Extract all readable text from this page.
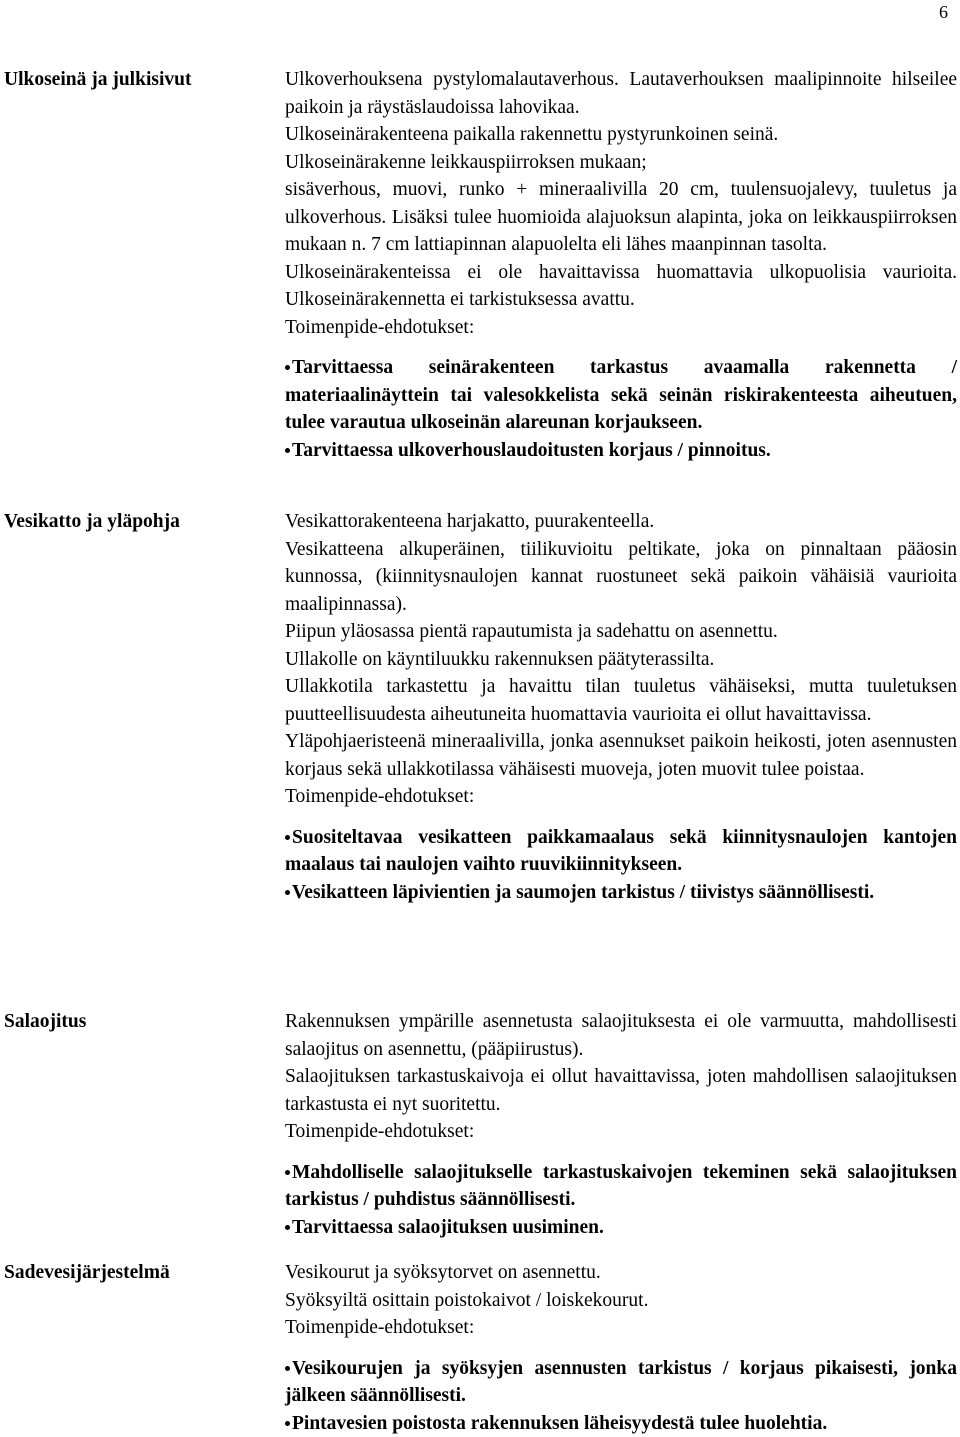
6
Ulkoseinä ja julkisivut	Ulkoverhouksena pystylomalautaverhous. Lautaverhouksen maalipinnoite hilseilee paikoin ja räystäslaudoissa lahovikaa.

Ulkoseinärakenteena paikalla rakennettu pystyrunkoinen seinä.

Ulkoseinärakenne leikkauspiirroksen mukaan;

sisäverhous, muovi, runko + mineraalivilla 20 cm, tuulensuojalevy, tuuletus ja ulkoverhous. Lisäksi tulee huomioida alajuoksun alapinta, joka on leikkauspiirroksen mukaan n. 7 cm lattiapinnan alapuolelta eli lähes maanpinnan tasolta.

Ulkoseinärakenteissa ei ole havaittavissa huomattavia ulkopuolisia vaurioita. Ulkoseinärakennetta ei tarkistuksessa avattu.

Toimenpide-ehdotukset:

Tarvittaessa seinärakenteen tarkastus avaamalla rakennetta / materiaalinäyttein tai valesokkelista sekä seinän riskirakenteesta aiheutuen, tulee varautua ulkoseinän alareunan korjaukseen.

Tarvittaessa ulkoverhouslaudoitusten korjaus / pinnoitus.

Vesikatto ja yläpohja	Vesikattorakenteena harjakatto, puurakenteella.

Vesikatteena alkuperäinen, tiilikuvioitu peltikate, joka on pinnaltaan pääosin kunnossa, (kiinnitysnaulojen kannat ruostuneet sekä paikoin vähäisiä vaurioita maalipinnassa).

Piipun yläosassa pientä rapautumista ja sadehattu on asennettu.

Ullakolle on käyntiluukku rakennuksen päätyterassilta.

Ullakkotila tarkastettu ja havaittu tilan tuuletus vähäiseksi, mutta tuuletuksen puutteellisuudesta aiheutuneita huomattavia vaurioita ei ollut havaittavissa.

Yläpohjaeristeenä mineraalivilla, jonka asennukset paikoin heikosti, joten asennusten korjaus sekä ullakkotilassa vähäisesti muoveja, joten muovit tulee poistaa.

Toimenpide-ehdotukset:

Suositeltavaa vesikatteen paikkamaalaus sekä kiinnitysnaulojen kantojen maalaus tai naulojen vaihto ruuvikiinnitykseen.

Vesikatteen läpivientien ja saumojen tarkistus / tiivistys säännöllisesti.

Salaojitus	Rakennuksen ympärille asennetusta salaojituksesta ei ole varmuutta, mahdollisesti salaojitus on asennettu, (pääpiirustus).

Salaojituksen tarkastuskaivoja ei ollut havaittavissa, joten mahdollisen salaojituksen tarkastusta ei nyt suoritettu.

Toimenpide-ehdotukset:

Mahdolliselle salaojitukselle tarkastuskaivojen tekeminen sekä salaojituksen tarkistus / puhdistus säännöllisesti.

Tarvittaessa salaojituksen uusiminen.

Sadevesijärjestelmä	Vesikourut ja syöksytorvet on asennettu.

Syöksyiltä osittain poistokaivot / loiskekourut.

Toimenpide-ehdotukset:

Vesikourujen ja syöksyjen asennusten tarkistus / korjaus pikaisesti, jonka jälkeen säännöllisesti.

Pintavesien poistosta rakennuksen läheisyydestä tulee huolehtia.
